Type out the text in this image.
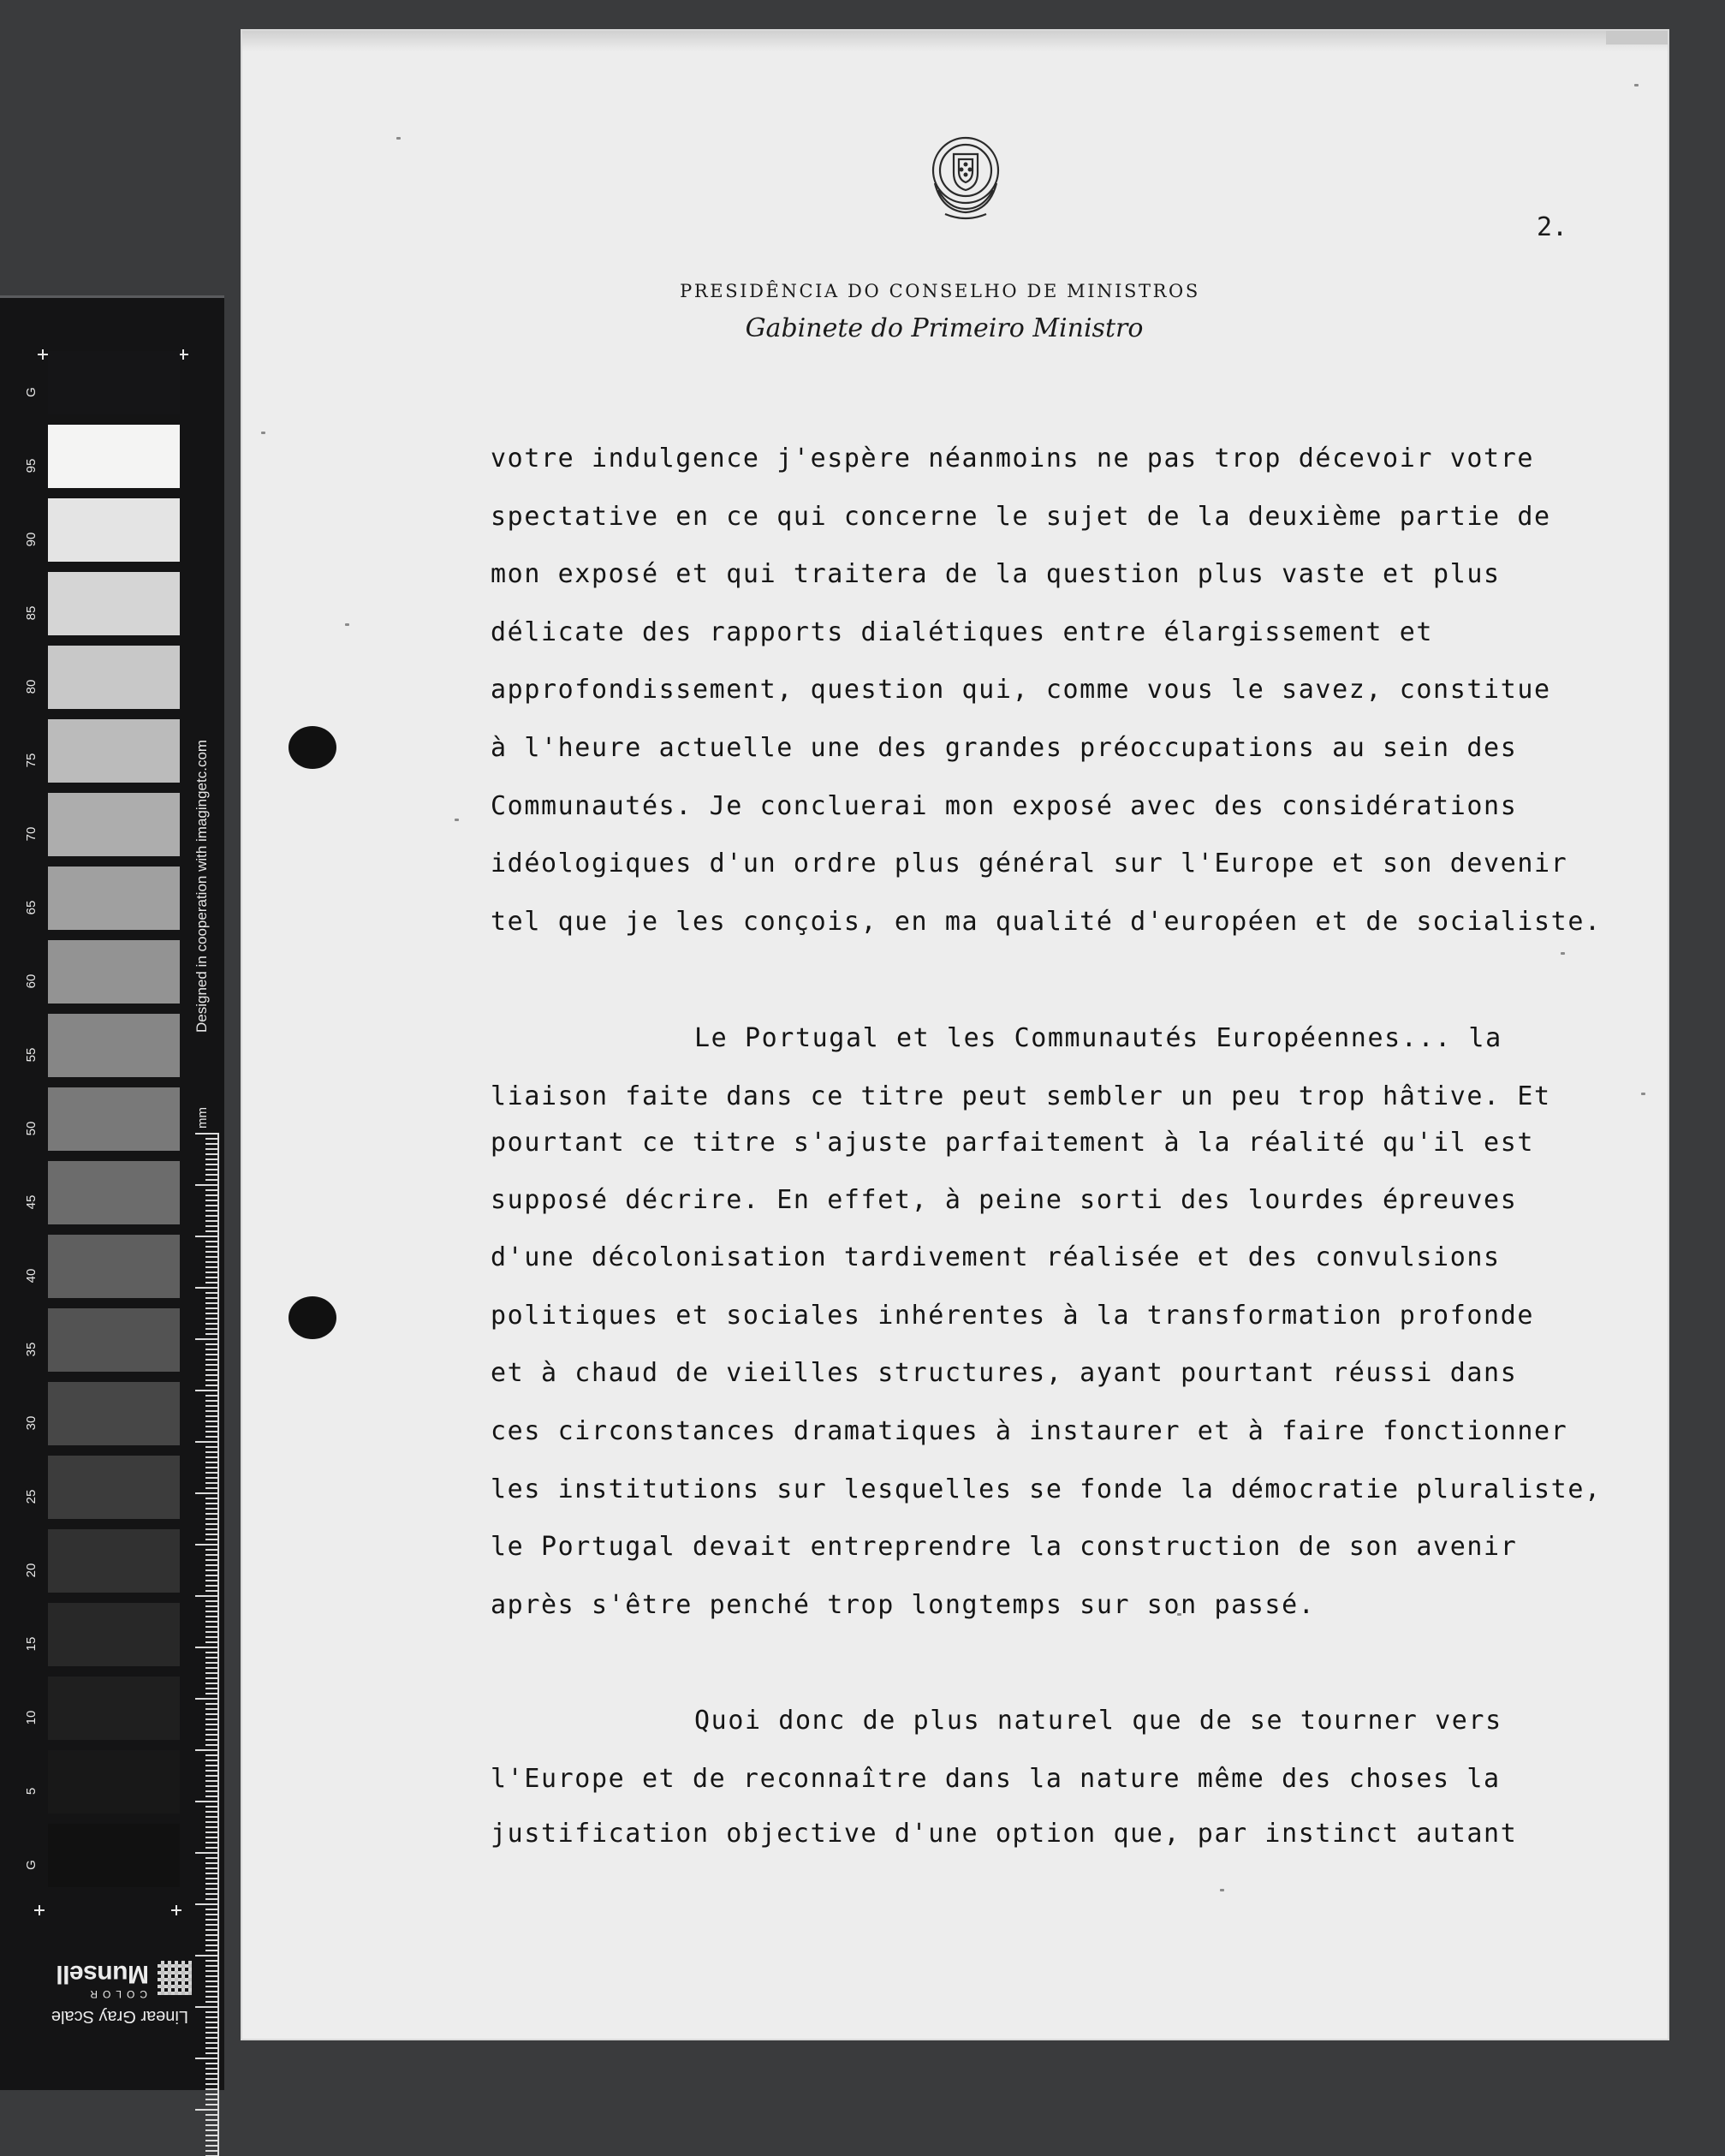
G
95
90
85
80
75
70
65
60
55
50
45
40
35
30
25
20
15
10
5
G
mm
Designed in cooperation with imagingetc.com
COLOR
Munsell
Linear Gray Scale
PRESIDÊNCIA DO CONSELHO DE MINISTROS
Gabinete do Primeiro Ministro
2.
votre indulgence j'espère néanmoins ne pas trop décevoir votre
spectative en ce qui concerne le sujet de la deuxième partie de
mon exposé et qui traitera de la question plus vaste et plus
délicate des rapports dialétiques entre élargissement et
approfondissement, question qui, comme vous le savez, constitue
à l'heure actuelle une des grandes préoccupations au sein des
Communautés. Je concluerai mon exposé avec des considérations
idéologiques d'un ordre plus général sur l'Europe et son devenir
tel que je les conçois, en ma qualité d'européen et de socialiste.
Le Portugal et les Communautés Européennes... la
liaison faite dans ce titre peut sembler un peu trop hâtive. Et
pourtant ce titre s'ajuste parfaitement à la réalité qu'il est
supposé décrire. En effet, à peine sorti des lourdes épreuves
d'une décolonisation tardivement réalisée et des convulsions
politiques et sociales inhérentes à la transformation profonde
et à chaud de vieilles structures, ayant pourtant réussi dans
ces circonstances dramatiques à instaurer et à faire fonctionner
les institutions sur lesquelles se fonde la démocratie pluraliste,
le Portugal devait entreprendre la construction de son avenir
après s'être penché trop longtemps sur son passé.
Quoi donc de plus naturel que de se tourner vers
l'Europe et de reconnaître dans la nature même des choses la
justification objective d'une option que, par instinct autant
